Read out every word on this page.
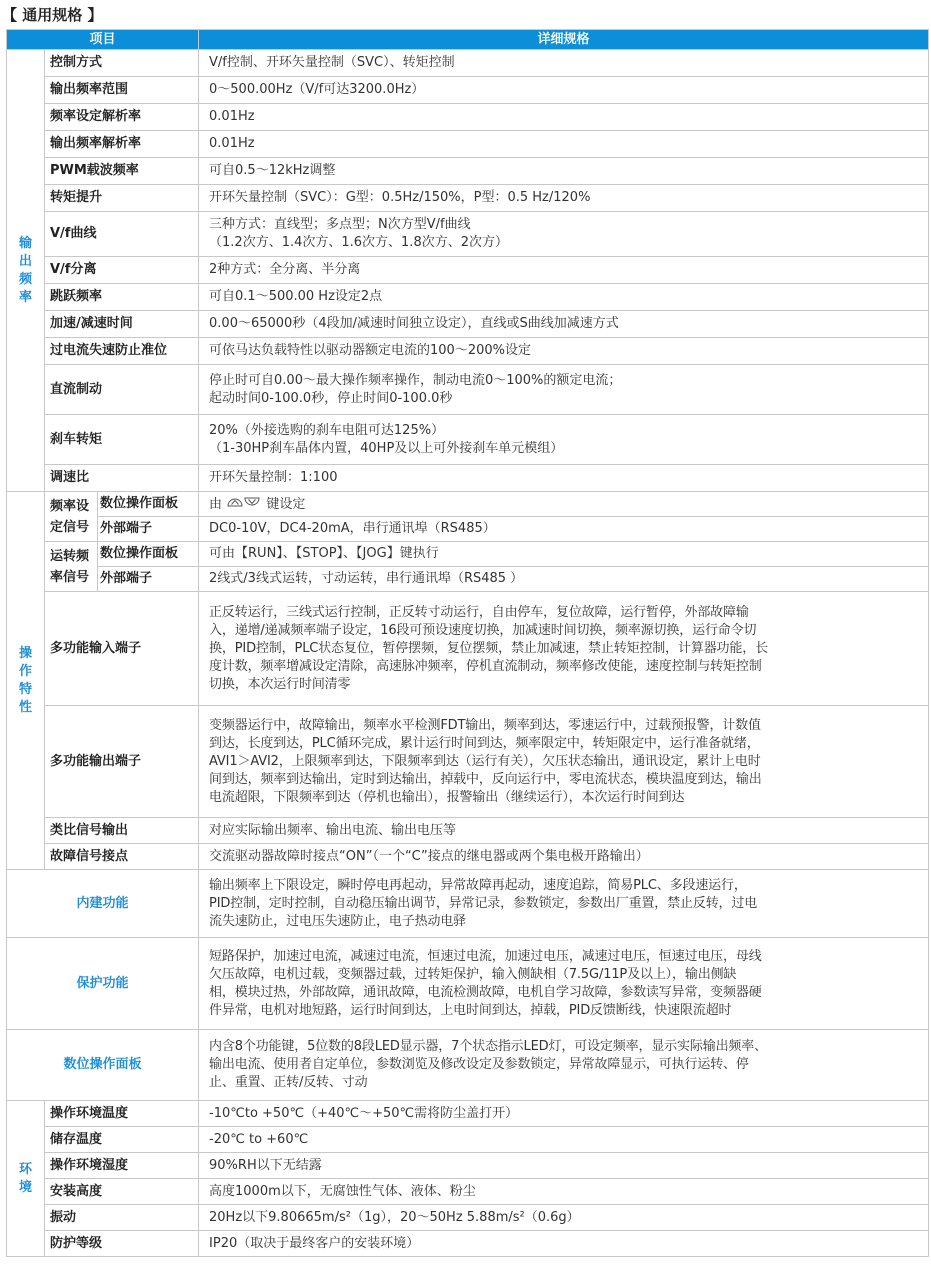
【 通用规格 】
项目			详细规格
输出频率	控制方式		V/f控制、开环矢量控制（SVC）、转矩控制
	输出频率范围		0～500.00Hz（V/f可达3200.0Hz）
	频率设定解析率		0.01Hz
	输出频率解析率		0.01Hz
	PWM载波频率		可自0.5～12kHz调整
	转矩提升		开环矢量控制（SVC）：G型：0.5Hz/150%，P型：0.5 Hz/120%
	V/f曲线		三种方式：直线型；多点型；N次方型V/f曲线
（1.2次方、1.4次方、1.6次方、1.8次方、2次方）

	V/f分离		2种方式：全分离、半分离
	跳跃频率		可自0.1～500.00 Hz设定2点
	加速/减速时间		0.00～65000秒（4段加/减速时间独立设定），直线或S曲线加减速方式
	过电流失速防止准位		可依马达负载特性以驱动器额定电流的100～200%设定
	直流制动		停止时可自0.00～最大操作频率操作，制动电流0～100%的额定电流；
起动时间0-100.0秒，停止时间0-100.0秒

	刹车转矩		20%（外接选购的刹车电阻可达125%）
（1-30HP刹车晶体内置，40HP及以上可外接刹车单元模组）

	调速比		开环矢量控制：1:100
操作特性	频率设定信号	数位操作面板	由 键设定
		外部端子	DC0-10V，DC4-20mA，串行通讯埠（RS485）
	运转频率信号	数位操作面板	可由【RUN】、【STOP】、【JOG】键执行
		外部端子	2线式/3线式运转，寸动运转，串行通讯埠（RS485 ）
	多功能输入端子		正反转运行，三线式运行控制，正反转寸动运行，自由停车，复位故障，运行暂停，外部故障输
入，递增/递减频率端子设定，16段可预设速度切换，加减速时间切换，频率源切换，运行命令切
换，PID控制，PLC状态复位，暂停摆频，复位摆频，禁止加减速，禁止转矩控制，计算器功能，长
度计数，频率增减设定清除，高速脉冲频率，停机直流制动，频率修改使能，速度控制与转矩控制
切换，本次运行时间清零

	多功能输出端子		变频器运行中，故障输出，频率水平检测FDT输出，频率到达，零速运行中，过载预报警，计数值
到达，长度到达，PLC循环完成，累计运行时间到达，频率限定中，转矩限定中，运行准备就绪，
AVI1＞AVI2，上限频率到达，下限频率到达（运行有关），欠压状态输出，通讯设定，累计上电时
间到达，频率到达输出，定时到达输出，掉载中，反向运行中，零电流状态，模块温度到达，输出
电流超限，下限频率到达（停机也输出），报警输出（继续运行），本次运行时间到达

	类比信号输出		对应实际输出频率、输出电流、输出电压等
	故障信号接点		交流驱动器故障时接点“ON”（一个“C”接点的继电器或两个集电极开路输出）
内建功能			输出频率上下限设定，瞬时停电再起动，异常故障再起动，速度追踪，简易PLC、多段速运行，
PID控制，定时控制，自动稳压输出调节，异常记录，参数锁定，参数出厂重置，禁止反转，过电
流失速防止，过电压失速防止，电子热动电驿

保护功能			短路保护，加速过电流，减速过电流，恒速过电流，加速过电压，减速过电压，恒速过电压，母线
欠压故障，电机过载，变频器过载，过转矩保护，输入侧缺相（7.5G/11P及以上），输出侧缺
相，模块过热，外部故障，通讯故障，电流检测故障，电机自学习故障，参数读写异常，变频器硬
件异常，电机对地短路，运行时间到达，上电时间到达，掉载，PID反馈断线，快速限流超时

数位操作面板			内含8个功能键，5位数的8段LED显示器，7个状态指示LED灯，可设定频率，显示实际输出频率、
输出电流、使用者自定单位，参数浏览及修改设定及参数锁定，异常故障显示，可执行运转、停
止、重置、正转/反转、寸动

环境	操作环境温度		-10℃to +50℃（+40℃～+50℃需将防尘盖打开）
	储存温度		-20℃ to +60℃
	操作环境湿度		90%RH以下无结露
	安装高度		高度1000m以下，无腐蚀性气体、液体、粉尘
	振动		20Hz以下9.80665m/s²（1g），20～50Hz 5.88m/s²（0.6g）
	防护等级		IP20（取决于最终客户的安装环境）
